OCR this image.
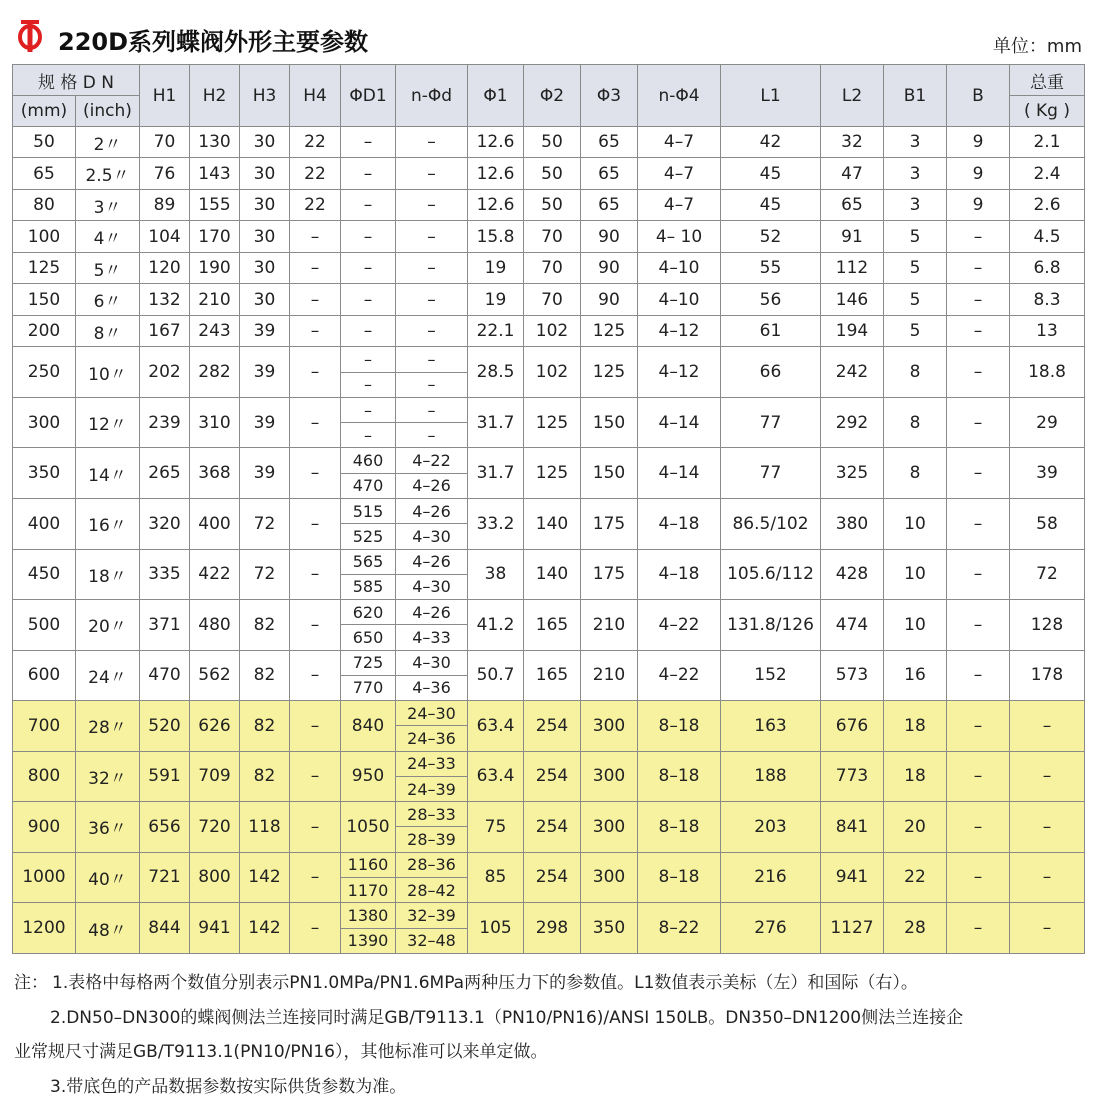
220D系列蝶阀外形主要参数	单位：mm
规 格 D N		H1	H2	H3	H4	ΦD1	n-Φd	Φ1	Φ2	Φ3	n-Φ4	L1	L2	B1	B	总重
(mm)	(inch)															( Kg )
50	2〃	70	130	30	22	–	–	12.6	50	65	4–7	42	32	3	9	2.1
65	2.5〃	76	143	30	22	–	–	12.6	50	65	4–7	45	47	3	9	2.4
80	3〃	89	155	30	22	–	–	12.6	50	65	4–7	45	65	3	9	2.6
100	4〃	104	170	30	–	–	–	15.8	70	90	4– 10	52	91	5	–	4.5
125	5〃	120	190	30	–	–	–	19	70	90	4–10	55	112	5	–	6.8
150	6〃	132	210	30	–	–	–	19	70	90	4–10	56	146	5	–	8.3
200	8〃	167	243	39	–	–	–	22.1	102	125	4–12	61	194	5	–	13
250	10〃	202	282	39	–	–	–	28.5	102	125	4–12	66	242	8	–	18.8
						–	–									
300	12〃	239	310	39	–	–	–	31.7	125	150	4–14	77	292	8	–	29
						–	–									
350	14〃	265	368	39	–	460	4–22	31.7	125	150	4–14	77	325	8	–	39
						470	4–26									
400	16〃	320	400	72	–	515	4–26	33.2	140	175	4–18	86.5/102	380	10	–	58
						525	4–30									
450	18〃	335	422	72	–	565	4–26	38	140	175	4–18	105.6/112	428	10	–	72
						585	4–30									
500	20〃	371	480	82	–	620	4–26	41.2	165	210	4–22	131.8/126	474	10	–	128
						650	4–33									
600	24〃	470	562	82	–	725	4–30	50.7	165	210	4–22	152	573	16	–	178
						770	4–36									
700	28〃	520	626	82	–	840	24–30	63.4	254	300	8–18	163	676	18	–	–
							24–36									
800	32〃	591	709	82	–	950	24–33	63.4	254	300	8–18	188	773	18	–	–
							24–39									
900	36〃	656	720	118	–	1050	28–33	75	254	300	8–18	203	841	20	–	–
							28–39									
1000	40〃	721	800	142	–	1160	28–36	85	254	300	8–18	216	941	22	–	–
						1170	28–42									
1200	48〃	844	941	142	–	1380	32–39	105	298	350	8–22	276	1127	28	–	–
						1390	32–48									
注： 1.表格中每格两个数值分别表示PN1.0MPa/PN1.6MPa两种压力下的参数值。L1数值表示美标（左）和国际（右）。
2.DN50–DN300的蝶阀侧法兰连接同时满足GB/T9113.1（PN10/PN16)/ANSI 150LB。DN350–DN1200侧法兰连接企
业常规尺寸满足GB/T9113.1(PN10/PN16），其他标准可以来单定做。
3.带底色的产品数据参数按实际供货参数为准。
